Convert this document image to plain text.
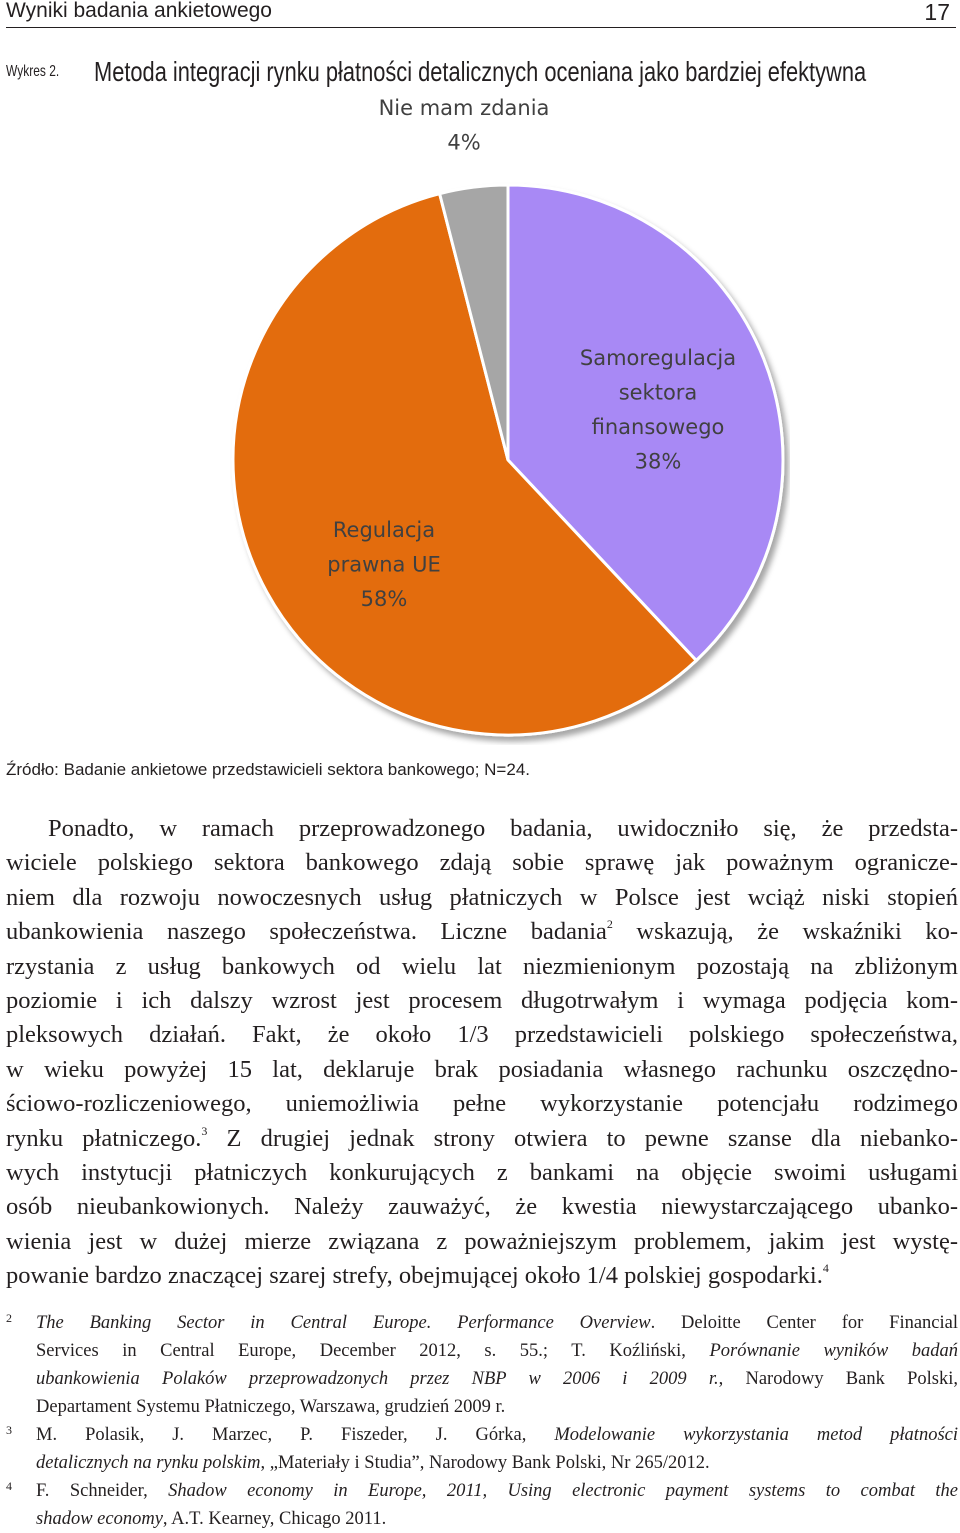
Wyniki badania ankietowego	17
Wykres 2. Metoda integracji rynku płatności detalicznych oceniana jako bardziej efektywna
Samoregulacja sektora finansowego 38%
Regulacja prawna UE 58%
Nie mam zdania 4%
Źródło: Badanie ankietowe przedstawicieli sektora bankowego; N=24.
Ponadto, w ramach przeprowadzonego badania, uwidoczniło się, że przedsta-
wiciele polskiego sektora bankowego zdają sobie sprawę jak poważnym ogranicze-
niem dla rozwoju nowoczesnych usług płatniczych w Polsce jest wciąż niski stopień
ubankowienia naszego społeczeństwa. Liczne badania$^2$ wskazują, że wskaźniki ko-
rzystania z usług bankowych od wielu lat niezmienionym pozostają na zbliżonym
poziomie i ich dalszy wzrost jest procesem długotrwałym i wymaga podjęcia kom-
pleksowych działań. Fakt, że około 1/3 przedstawicieli polskiego społeczeństwa,
w wieku powyżej 15 lat, deklaruje brak posiadania własnego rachunku oszczędno-
ściowo-rozliczeniowego, uniemożliwia pełne wykorzystanie potencjału rodzimego
rynku płatniczego.$^3$ Z drugiej jednak strony otwiera to pewne szanse dla niebanko-
wych instytucji płatniczych konkurujących z bankami na objęcie swoimi usługami
osób nieubankowionych. Należy zauważyć, że kwestia niewystarczającego ubanko-
wienia jest w dużej mierze związana z poważniejszym problemem, jakim jest wystę-
powanie bardzo znaczącej szarej strefy, obejmującej około 1/4 polskiej gospodarki.$^4$
2 The Banking Sector in Central Europe. Performance Overview. Deloitte Center for Financial
Services in Central Europe, December 2012, s. 55.; T. Koźliński, Porównanie wyników badań
ubankowienia Polaków przeprowadzonych przez NBP w 2006 i 2009 r., Narodowy Bank Polski,
Departament Systemu Płatniczego, Warszawa, grudzień 2009 r.
3 M. Polasik, J. Marzec, P. Fiszeder, J. Górka, Modelowanie wykorzystania metod płatności
detalicznych na rynku polskim, „Materiały i Studia”, Narodowy Bank Polski, Nr 265/2012.
4 F. Schneider, Shadow economy in Europe, 2011, Using electronic payment systems to combat the
shadow economy, A.T. Kearney, Chicago 2011.
